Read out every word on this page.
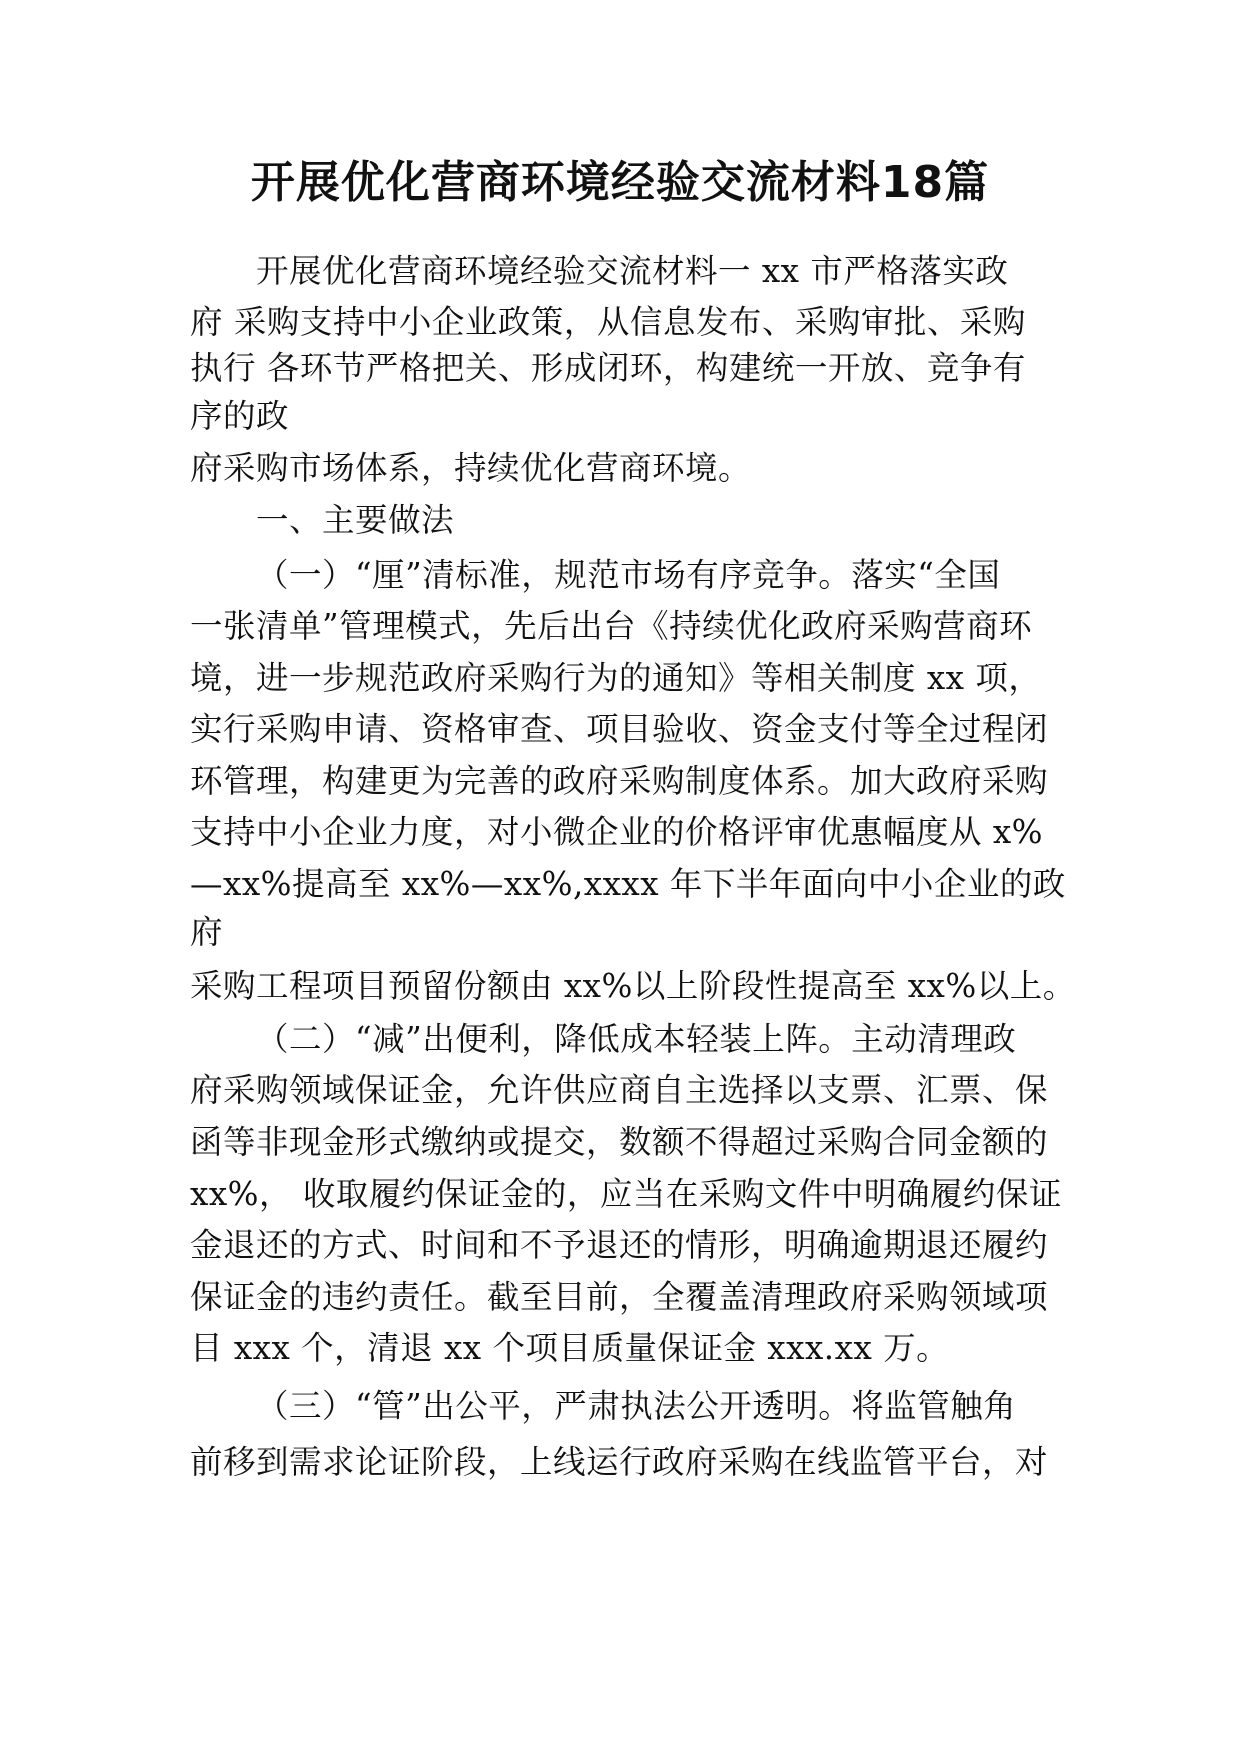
开展优化营商环境经验交流材料18篇
开展优化营商环境经验交流材料一 xx 市严格落实政
府 采购支持中小企业政策，从信息发布、采购审批、采购
执行 各环节严格把关、形成闭环，构建统一开放、竞争有
序的政
府采购市场体系，持续优化营商环境。
一、主要做法
（一）“厘”清标准，规范市场有序竞争。落实“全国
一张清单”管理模式，先后出台《持续优化政府采购营商环
境，进一步规范政府采购行为的通知》等相关制度 xx 项，
实行采购申请、资格审查、项目验收、资金支付等全过程闭
环管理，构建更为完善的政府采购制度体系。加大政府采购
支持中小企业力度，对小微企业的价格评审优惠幅度从 x%
—xx%提高至 xx%—xx%,xxxx 年下半年面向中小企业的政
府
采购工程项目预留份额由 xx%以上阶段性提高至 xx%以上。
（二）“减”出便利，降低成本轻装上阵。主动清理政
府采购领域保证金，允许供应商自主选择以支票、汇票、保
函等非现金形式缴纳或提交，数额不得超过采购合同金额的
xx%， 收取履约保证金的，应当在采购文件中明确履约保证
金退还的方式、时间和不予退还的情形，明确逾期退还履约
保证金的违约责任。截至目前，全覆盖清理政府采购领域项
目 xxx 个，清退 xx 个项目质量保证金 xxx.xx 万。
（三）“管”出公平，严肃执法公开透明。将监管触角
前移到需求论证阶段，上线运行政府采购在线监管平台，对
